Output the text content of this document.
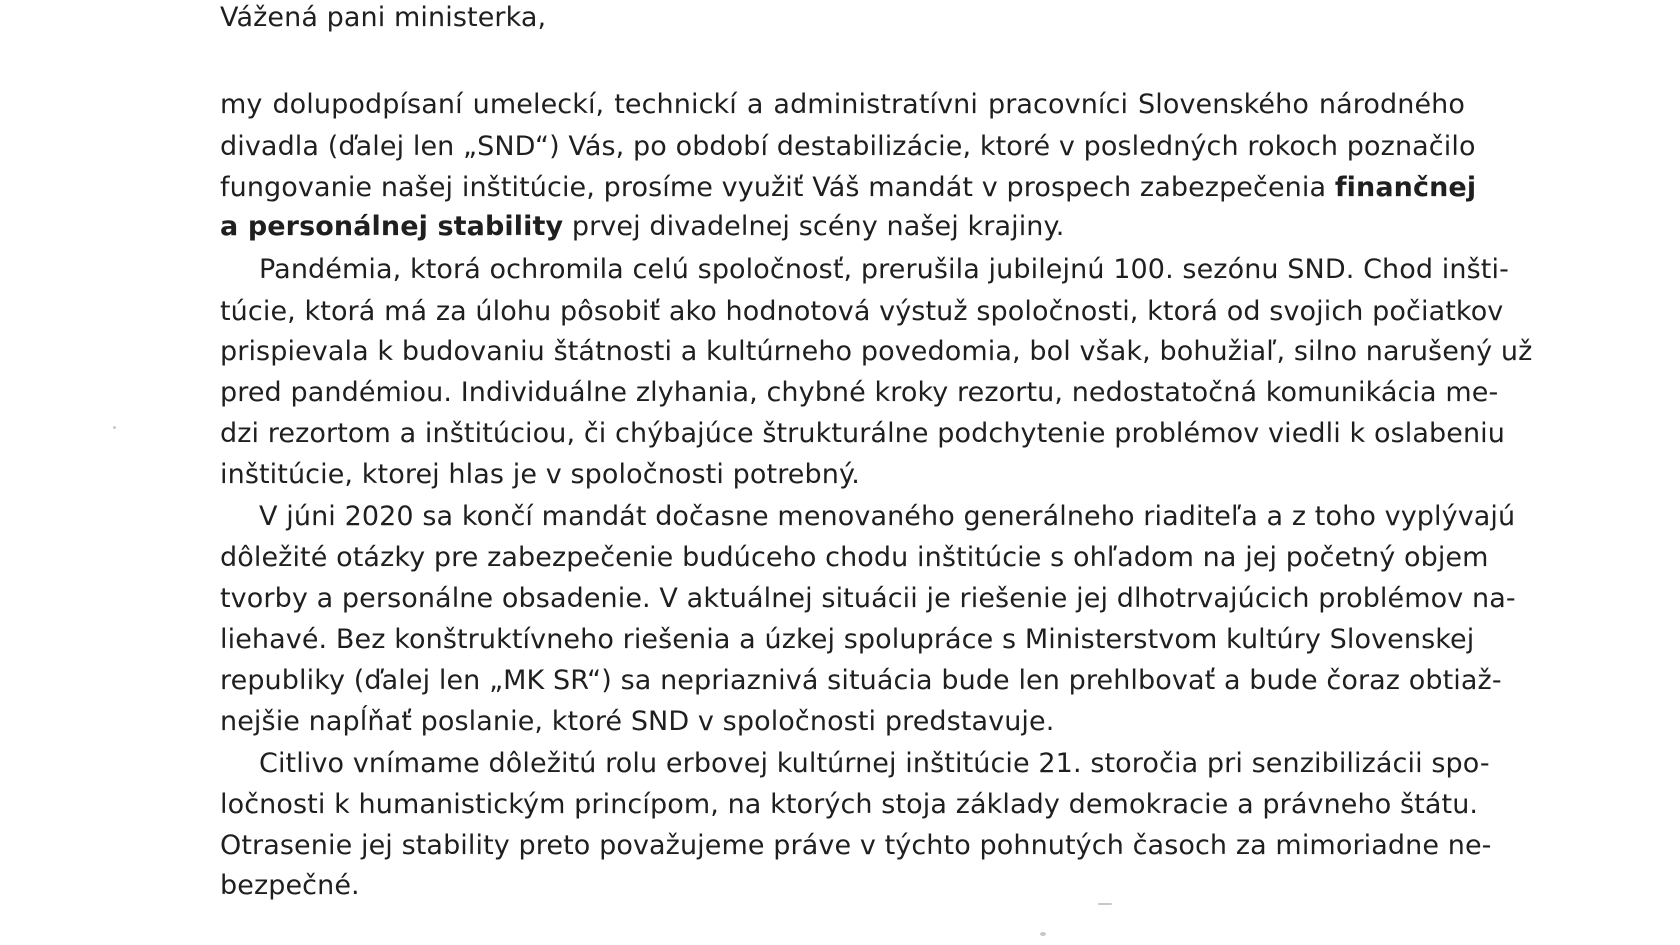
Vážená pani ministerka,
my dolupodpísaní umeleckí, technickí a administratívni pracovníci Slovenského národného
divadla (ďalej len „SND“) Vás, po období destabilizácie, ktoré v posledných rokoch poznačilo
fungovanie našej inštitúcie, prosíme využiť Váš mandát v prospech zabezpečenia finančnej
a personálnej stability prvej divadelnej scény našej krajiny.
Pandémia, ktorá ochromila celú spoločnosť, prerušila jubilejnú 100. sezónu SND. Chod inšti-
túcie, ktorá má za úlohu pôsobiť ako hodnotová výstuž spoločnosti, ktorá od svojich počiatkov
prispievala k budovaniu štátnosti a kultúrneho povedomia, bol však, bohužiaľ, silno narušený už
pred pandémiou. Individuálne zlyhania, chybné kroky rezortu, nedostatočná komunikácia me-
dzi rezortom a inštitúciou, či chýbajúce štrukturálne podchytenie problémov viedli k oslabeniu
inštitúcie, ktorej hlas je v spoločnosti potrebný.
V júni 2020 sa končí mandát dočasne menovaného generálneho riaditeľa a z toho vyplývajú
dôležité otázky pre zabezpečenie budúceho chodu inštitúcie s ohľadom na jej početný objem
tvorby a personálne obsadenie. V aktuálnej situácii je riešenie jej dlhotrvajúcich problémov na-
liehavé. Bez konštruktívneho riešenia a úzkej spolupráce s Ministerstvom kultúry Slovenskej
republiky (ďalej len „MK SR“) sa nepriaznivá situácia bude len prehlbovať a bude čoraz obtiaž-
nejšie napĺňať poslanie, ktoré SND v spoločnosti predstavuje.
Citlivo vnímame dôležitú rolu erbovej kultúrnej inštitúcie 21. storočia pri senzibilizácii spo-
ločnosti k humanistickým princípom, na ktorých stoja základy demokracie a právneho štátu.
Otrasenie jej stability preto považujeme práve v týchto pohnutých časoch za mimoriadne ne-
bezpečné.
